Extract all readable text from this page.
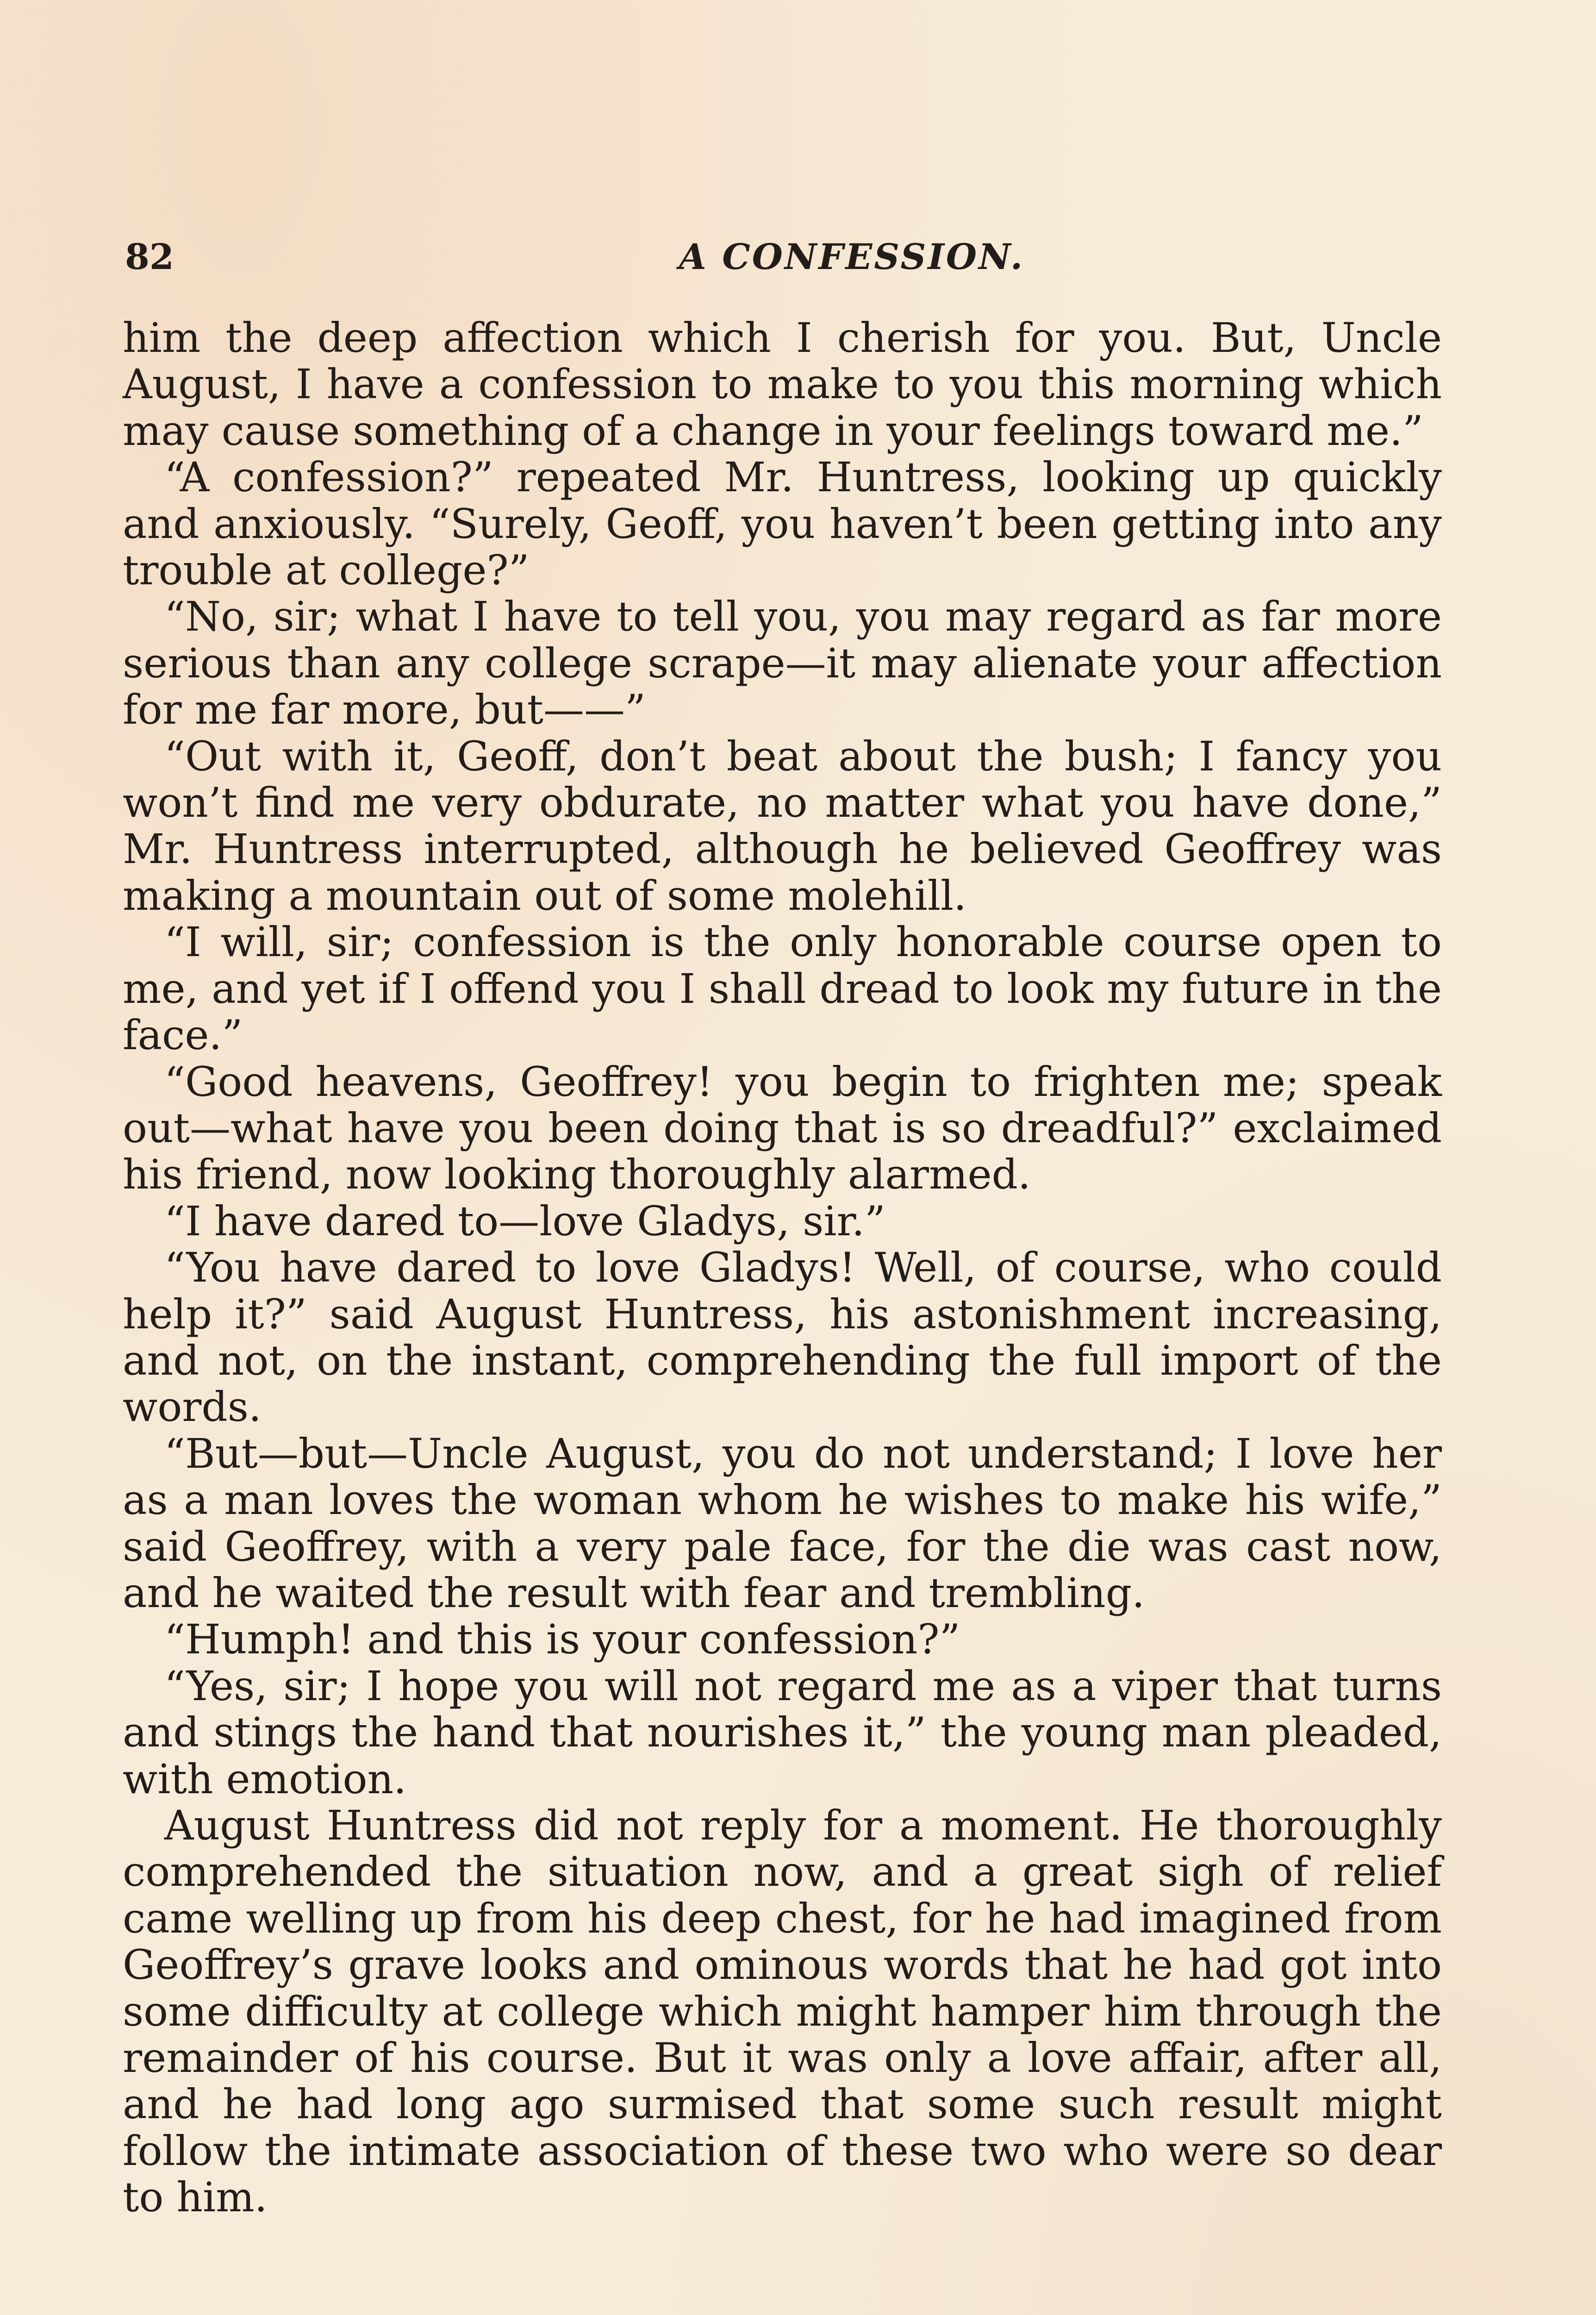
82	A CONFESSION.

him the deep affection which I cherish for you. But, Uncle August, I have a confession to make to you this morning which may cause something of a change in your feelings toward me.”

“A confession?” repeated Mr. Huntress, looking up quickly and anxiously. “Surely, Geoff, you haven’t been getting into any trouble at college?”

“No, sir; what I have to tell you, you may regard as far more serious than any college scrape—it may alienate your affection for me far more, but——”

“Out with it, Geoff, don’t beat about the bush; I fancy you won’t find me very obdurate, no matter what you have done,” Mr. Huntress interrupted, although he believed Geoffrey was making a mountain out of some molehill.

“I will, sir; confession is the only honorable course open to me, and yet if I offend you I shall dread to look my future in the face.”

“Good heavens, Geoffrey! you begin to frighten me; speak out—what have you been doing that is so dreadful?” exclaimed his friend, now looking thoroughly alarmed.

“I have dared to—love Gladys, sir.”

“You have dared to love Gladys! Well, of course, who could help it?” said August Huntress, his astonishment increasing, and not, on the instant, comprehending the full import of the words.

“But—but—Uncle August, you do not understand; I love her as a man loves the woman whom he wishes to make his wife,” said Geoffrey, with a very pale face, for the die was cast now, and he waited the result with fear and trembling.

“Humph! and this is your confession?”

“Yes, sir; I hope you will not regard me as a viper that turns and stings the hand that nourishes it,” the young man pleaded, with emotion.

August Huntress did not reply for a moment. He thoroughly comprehended the situation now, and a great sigh of relief came welling up from his deep chest, for he had imagined from Geoffrey’s grave looks and ominous words that he had got into some difficulty at college which might hamper him through the remainder of his course. But it was only a love affair, after all, and he had long ago surmised that some such result might follow the intimate association of these two who were so dear to him.
